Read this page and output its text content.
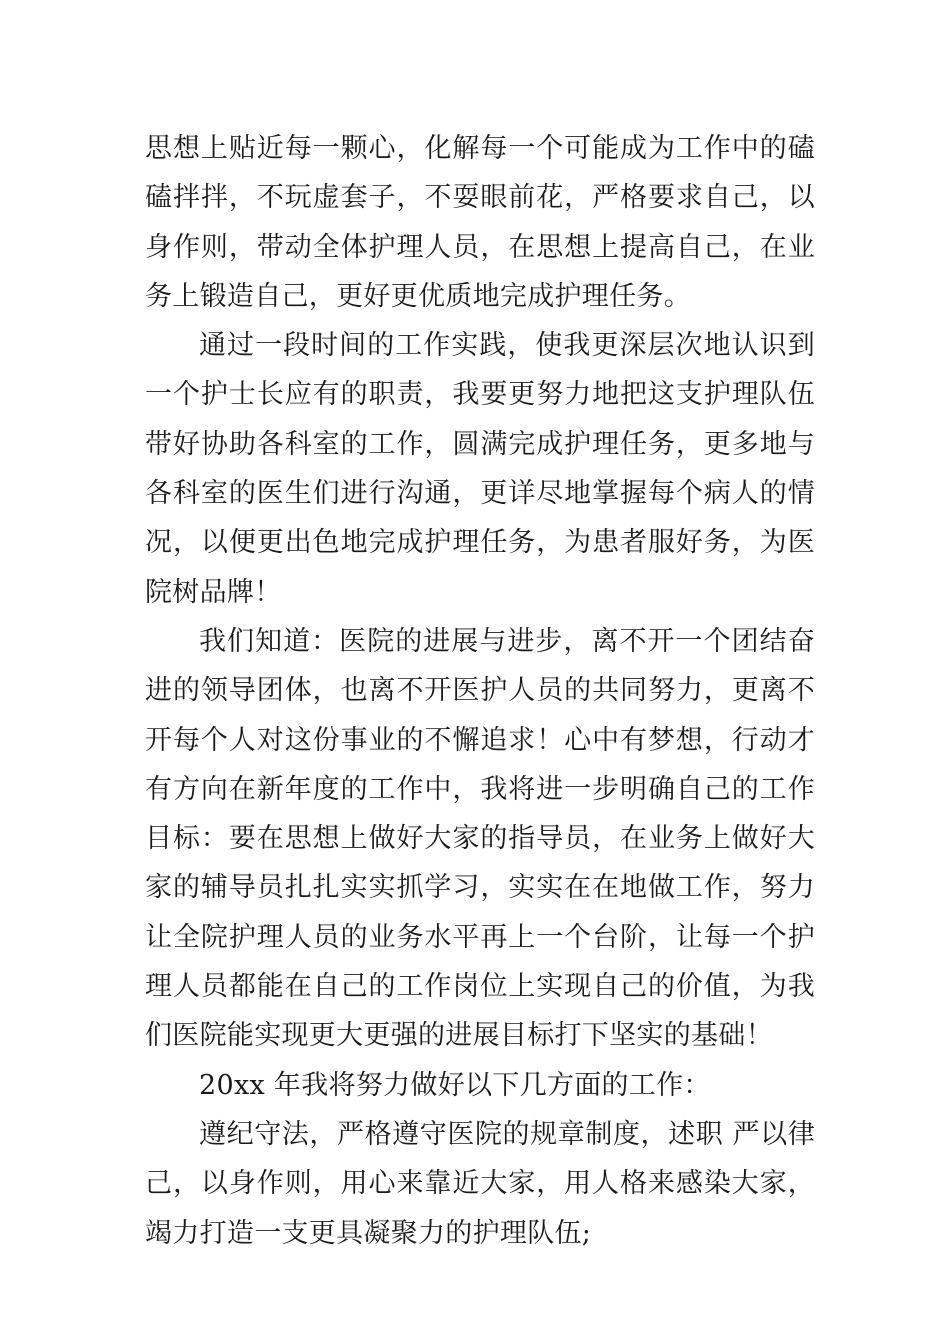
思想上贴近每一颗心，化解每一个可能成为工作中的磕磕拌拌，不玩虚套子，不耍眼前花，严格要求自己，以身作则，带动全体护理人员，在思想上提高自己，在业务上锻造自己，更好更优质地完成护理任务。

通过一段时间的工作实践，使我更深层次地认识到一个护士长应有的职责，我要更努力地把这支护理队伍带好协助各科室的工作，圆满完成护理任务，更多地与各科室的医生们进行沟通，更详尽地掌握每个病人的情况，以便更出色地完成护理任务，为患者服好务，为医院树品牌！

我们知道：医院的进展与进步，离不开一个团结奋进的领导团体，也离不开医护人员的共同努力，更离不开每个人对这份事业的不懈追求！心中有梦想，行动才有方向在新年度的工作中，我将进一步明确自己的工作目标：要在思想上做好大家的指导员，在业务上做好大家的辅导员扎扎实实抓学习，实实在在地做工作，努力让全院护理人员的业务水平再上一个台阶，让每一个护理人员都能在自己的工作岗位上实现自己的价值，为我们医院能实现更大更强的进展目标打下坚实的基础！

20xx 年我将努力做好以下几方面的工作：

遵纪守法，严格遵守医院的规章制度，述职 严以律己，以身作则，用心来靠近大家，用人格来感染大家，竭力打造一支更具凝聚力的护理队伍;
